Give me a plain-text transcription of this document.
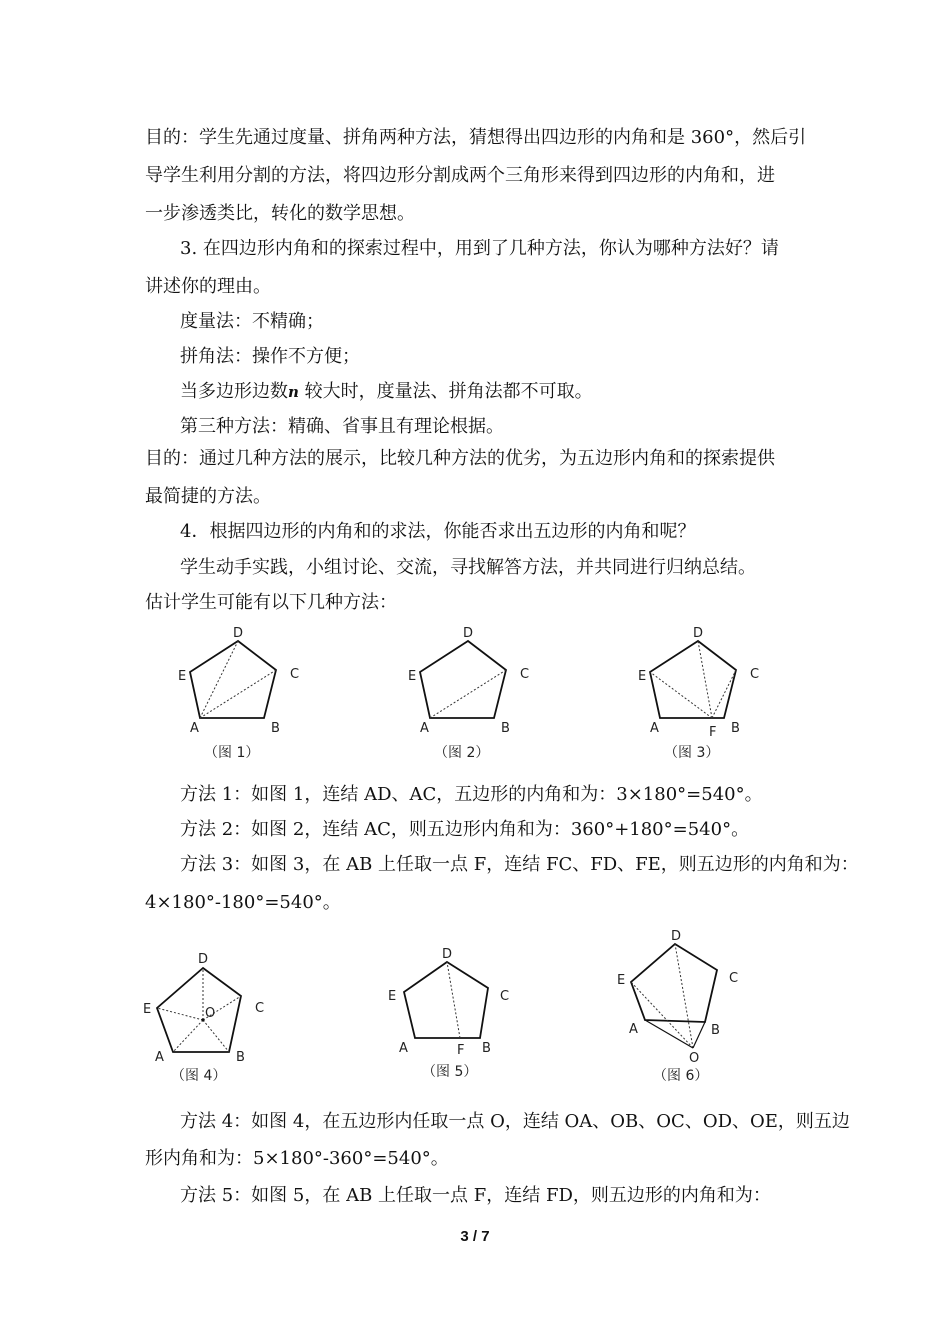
目的：学生先通过度量、拼角两种方法，猜想得出四边形的内角和是 360°，然后引
导学生利用分割的方法，将四边形分割成两个三角形来得到四边形的内角和，进
一步渗透类比，转化的数学思想。
3. 在四边形内角和的探索过程中，用到了几种方法，你认为哪种方法好？请
讲述你的理由。
度量法：不精确；
拼角法：操作不方便；
当多边形边数n 较大时，度量法、拼角法都不可取。
第三种方法：精确、省事且有理论根据。
目的：通过几种方法的展示，比较几种方法的优劣，为五边形内角和的探索提供
最简捷的方法。
4．根据四边形的内角和的求法，你能否求出五边形的内角和呢？
学生动手实践，小组讨论、交流，寻找解答方法，并共同进行归纳总结。
估计学生可能有以下几种方法：
D
C
E
A	B
（图 1）
D
C
E
A	B
（图 2）
D
C
E
A	B
F
（图 3）
方法 1：如图 1，连结 AD、AC，五边形的内角和为：3×180°=540°。
方法 2：如图 2，连结 AC，则五边形内角和为：360°+180°=540°。
方法 3：如图 3，在 AB 上任取一点 F，连结 FC、FD、FE，则五边形的内角和为：
4×180°-180°=540°。
D
C
E	O
A	B
（图 4）
D
C
E
A	B
F
（图 5）
D
C
E
A	B
O
（图 6）
方法 4：如图 4，在五边形内任取一点 O，连结 OA、OB、OC、OD、OE，则五边
形内角和为：5×180°-360°=540°。
方法 5：如图 5，在 AB 上任取一点 F，连结 FD，则五边形的内角和为：
3 / 7
